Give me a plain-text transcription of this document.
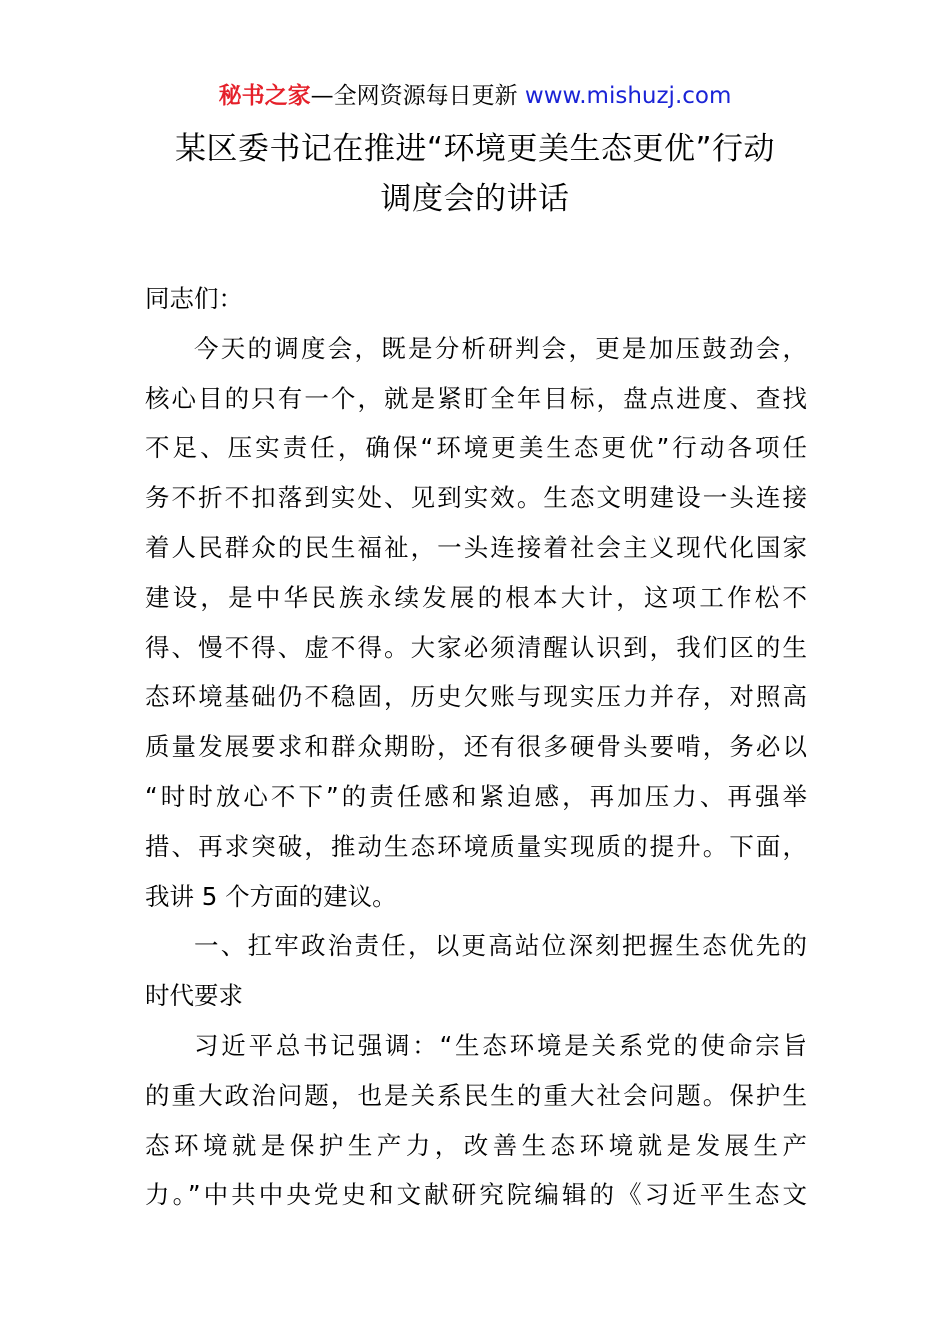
秘书之家—全网资源每日更新 www.mishuzj.com
某区委书记在推进“环境更美生态更优”行动
调度会的讲话

同志们：

今天的调度会，既是分析研判会，更是加压鼓劲会，
核心目的只有一个，就是紧盯全年目标，盘点进度、查找
不足、压实责任，确保“环境更美生态更优”行动各项任
务不折不扣落到实处、见到实效。生态文明建设一头连接
着人民群众的民生福祉，一头连接着社会主义现代化国家
建设，是中华民族永续发展的根本大计，这项工作松不
得、慢不得、虚不得。大家必须清醒认识到，我们区的生
态环境基础仍不稳固，历史欠账与现实压力并存，对照高
质量发展要求和群众期盼，还有很多硬骨头要啃，务必以
“时时放心不下”的责任感和紧迫感，再加压力、再强举
措、再求突破，推动生态环境质量实现质的提升。下面，
我讲 5 个方面的建议。

一、扛牢政治责任，以更高站位深刻把握生态优先的
时代要求

习近平总书记强调：“生态环境是关系党的使命宗旨
的重大政治问题，也是关系民生的重大社会问题。保护生
态环境就是保护生产力，改善生态环境就是发展生产
力。”中共中央党史和文献研究院编辑的《习近平生态文
